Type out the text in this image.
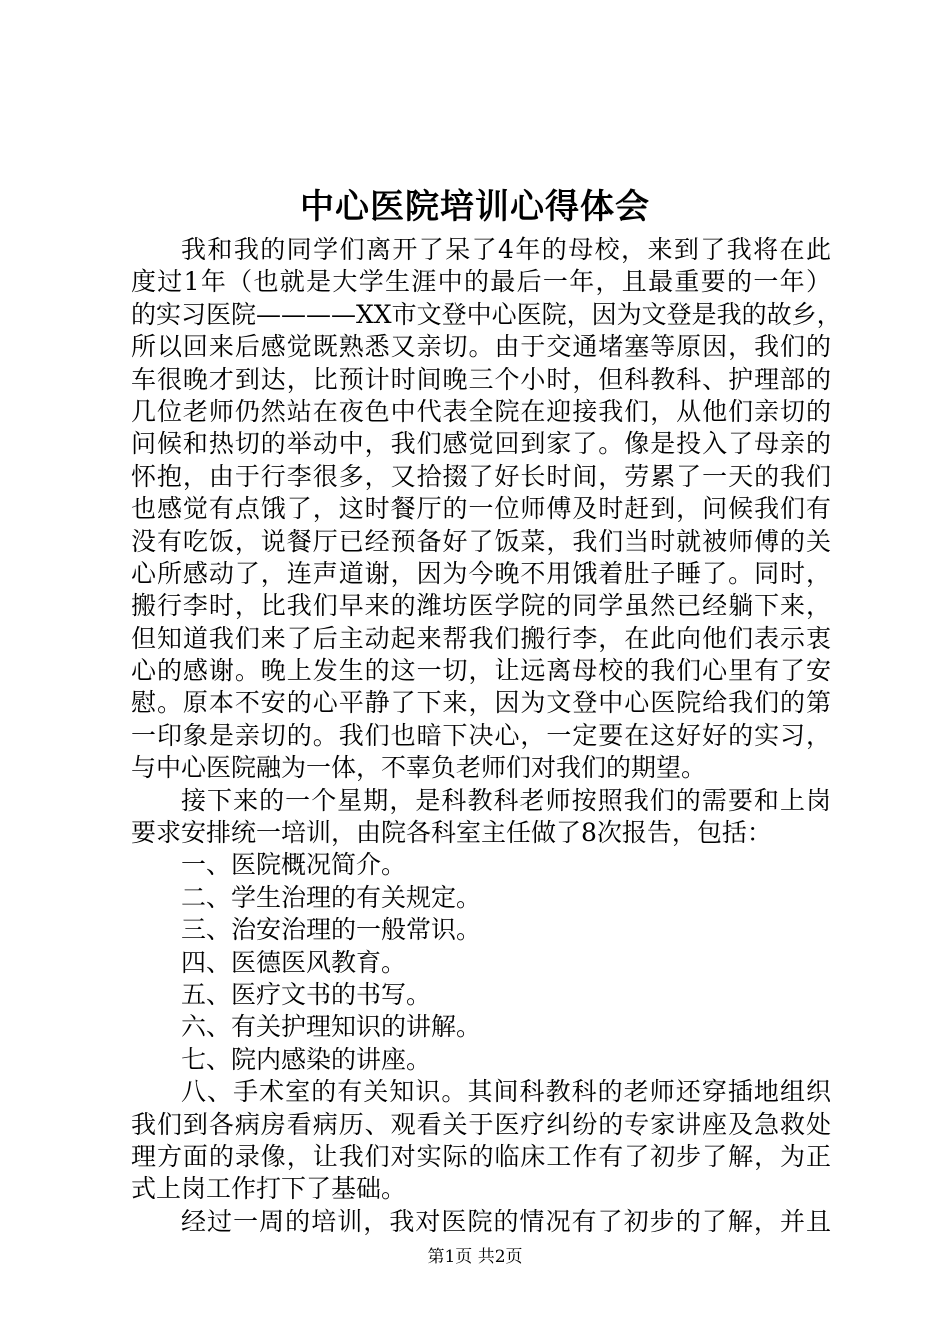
中心医院培训心得体会
我和我的同学们离开了呆了4年的母校，来到了我将在此
度过1年（也就是大学生涯中的最后一年，且最重要的一年）
的实习医院————XX市文登中心医院，因为文登是我的故乡，
所以回来后感觉既熟悉又亲切。由于交通堵塞等原因，我们的
车很晚才到达，比预计时间晚三个小时，但科教科、护理部的
几位老师仍然站在夜色中代表全院在迎接我们，从他们亲切的
问候和热切的举动中，我们感觉回到家了。像是投入了母亲的
怀抱，由于行李很多，又拾掇了好长时间，劳累了一天的我们
也感觉有点饿了，这时餐厅的一位师傅及时赶到，问候我们有
没有吃饭，说餐厅已经预备好了饭菜，我们当时就被师傅的关
心所感动了，连声道谢，因为今晚不用饿着肚子睡了。同时，
搬行李时，比我们早来的潍坊医学院的同学虽然已经躺下来，
但知道我们来了后主动起来帮我们搬行李，在此向他们表示衷
心的感谢。晚上发生的这一切，让远离母校的我们心里有了安
慰。原本不安的心平静了下来，因为文登中心医院给我们的第
一印象是亲切的。我们也暗下决心，一定要在这好好的实习，
与中心医院融为一体，不辜负老师们对我们的期望。
接下来的一个星期，是科教科老师按照我们的需要和上岗
要求安排统一培训，由院各科室主任做了8次报告，包括：
一、医院概况简介。
二、学生治理的有关规定。
三、治安治理的一般常识。
四、医德医风教育。
五、医疗文书的书写。
六、有关护理知识的讲解。
七、院内感染的讲座。
八、手术室的有关知识。其间科教科的老师还穿插地组织
我们到各病房看病历、观看关于医疗纠纷的专家讲座及急救处
理方面的录像，让我们对实际的临床工作有了初步了解，为正
式上岗工作打下了基础。
经过一周的培训，我对医院的情况有了初步的了解，并且
第1页 共2页
